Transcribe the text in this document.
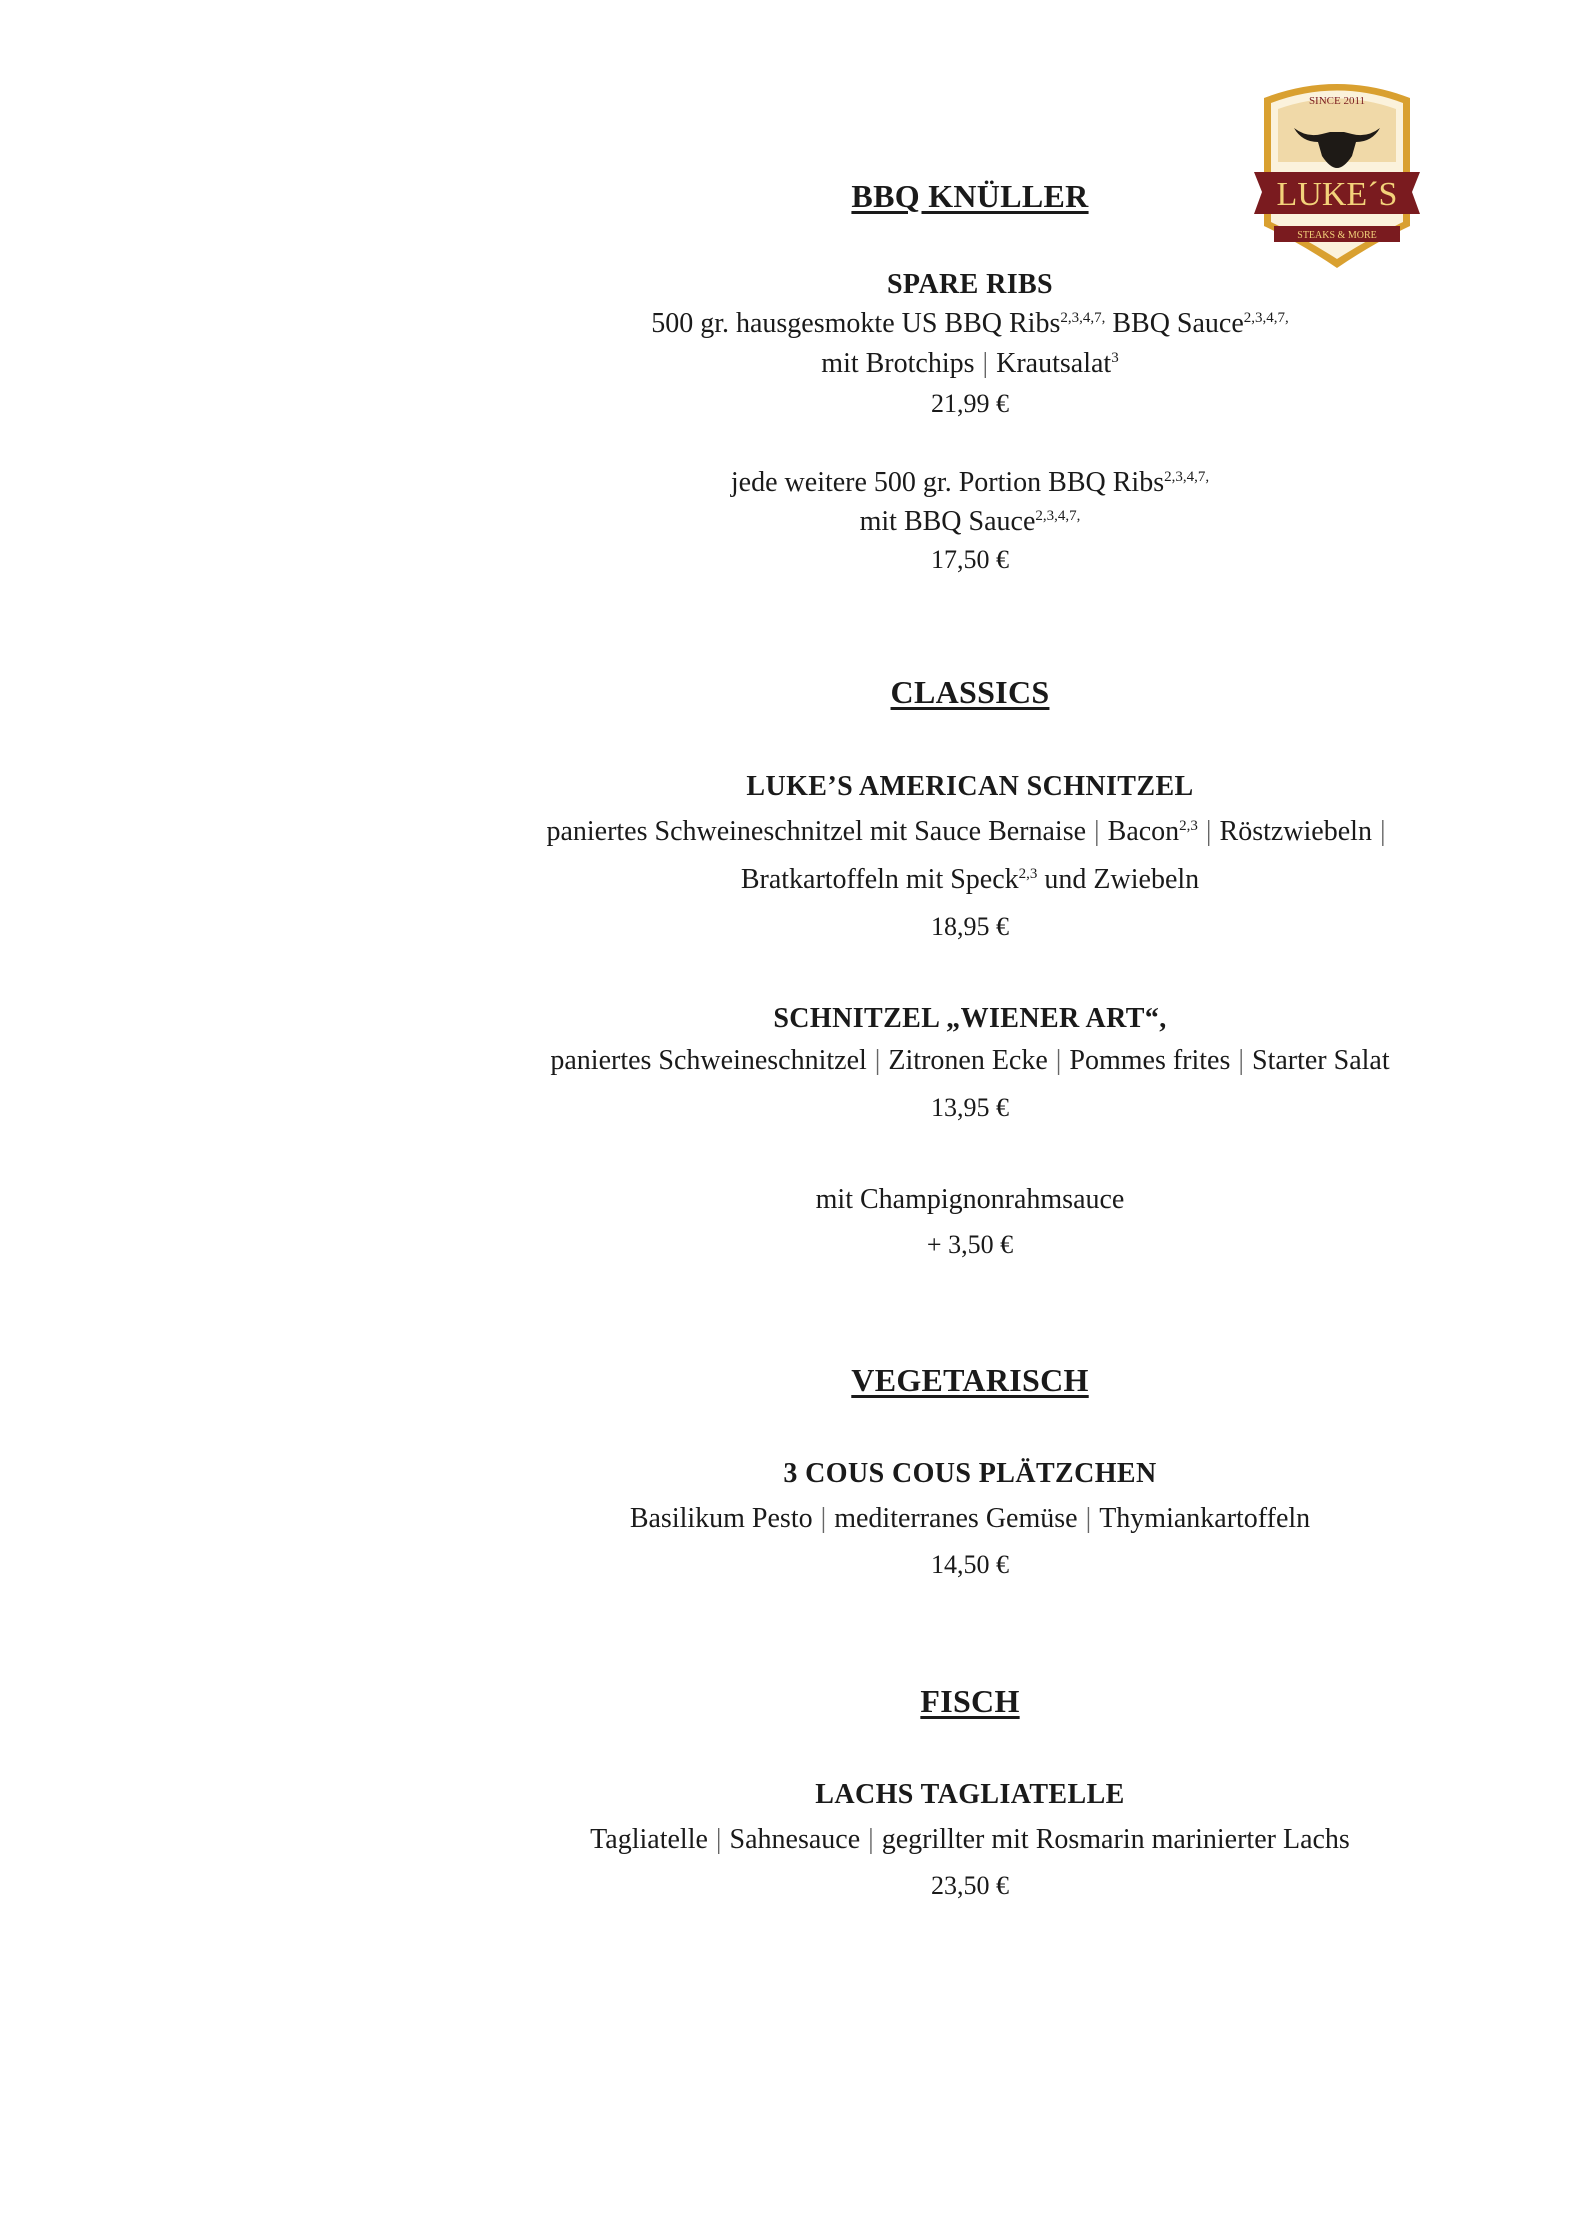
SINCE 2011
LUKE´S
STEAKS & MORE
BBQ KNÜLLER
SPARE RIBS
500 gr. hausgesmokte US BBQ Ribs$^{2,3,4,7,}$ BBQ Sauce$^{2,3,4,7,}$
mit Brotchips | Krautsalat$^3$
21,99 €
jede weitere 500 gr. Portion BBQ Ribs$^{2,3,4,7,}$
mit BBQ Sauce$^{2,3,4,7,}$
17,50 €
CLASSICS
LUKE’S AMERICAN SCHNITZEL
paniertes Schweineschnitzel mit Sauce Bernaise | Bacon$^{2,3}$ | Röstzwiebeln |
Bratkartoffeln mit Speck$^{2,3}$ und Zwiebeln
18,95 €
SCHNITZEL „WIENER ART“,
paniertes Schweineschnitzel | Zitronen Ecke | Pommes frites | Starter Salat
13,95 €
mit Champignonrahmsauce
+ 3,50 €
VEGETARISCH
3 COUS COUS PLÄTZCHEN
Basilikum Pesto | mediterranes Gemüse | Thymiankartoffeln
14,50 €
FISCH
LACHS TAGLIATELLE
Tagliatelle | Sahnesauce | gegrillter mit Rosmarin marinierter Lachs
23,50 €
